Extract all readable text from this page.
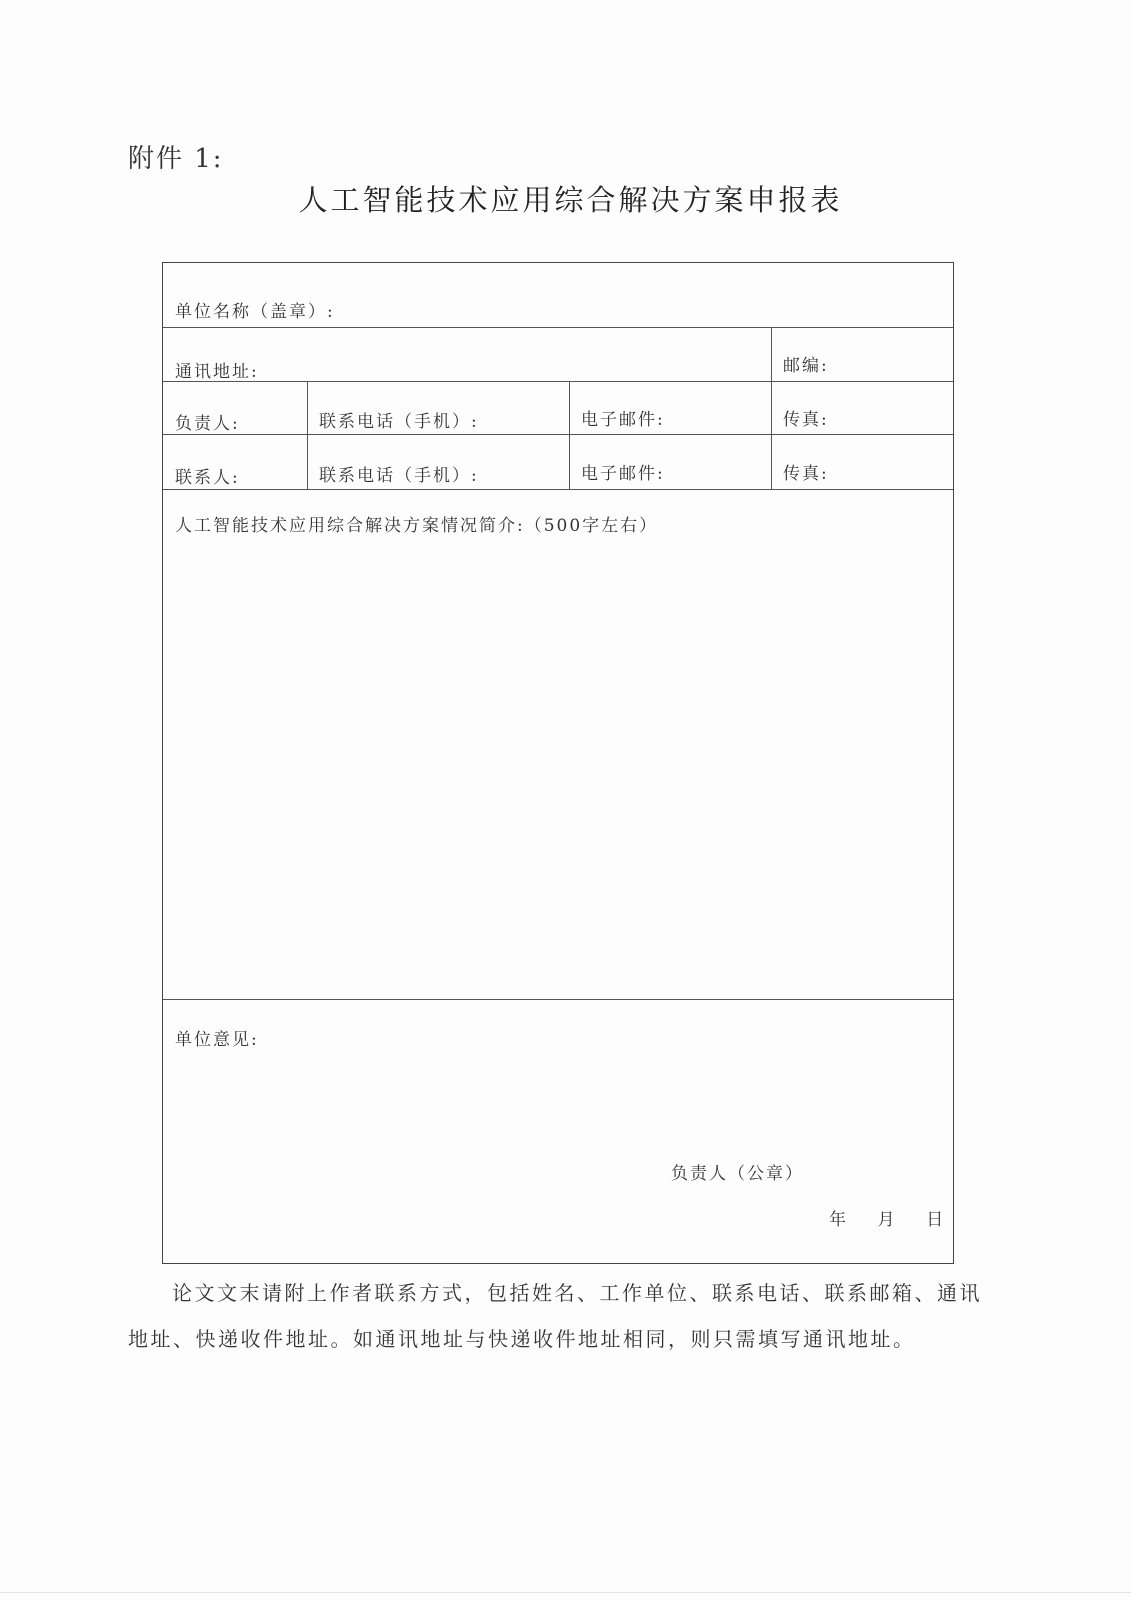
附件 1:
人工智能技术应用综合解决方案申报表
单位名称（盖章）:
通讯地址:	邮编:
负责人:	联系电话（手机）:	电子邮件:	传真:
联系人:	联系电话（手机）:	电子邮件:	传真:
人工智能技术应用综合解决方案情况简介:（500字左右）
单位意见:
负责人（公章）
年    月    日
论文文末请附上作者联系方式，包括姓名、工作单位、联系电话、联系邮箱、通讯
地址、快递收件地址。如通讯地址与快递收件地址相同，则只需填写通讯地址。
